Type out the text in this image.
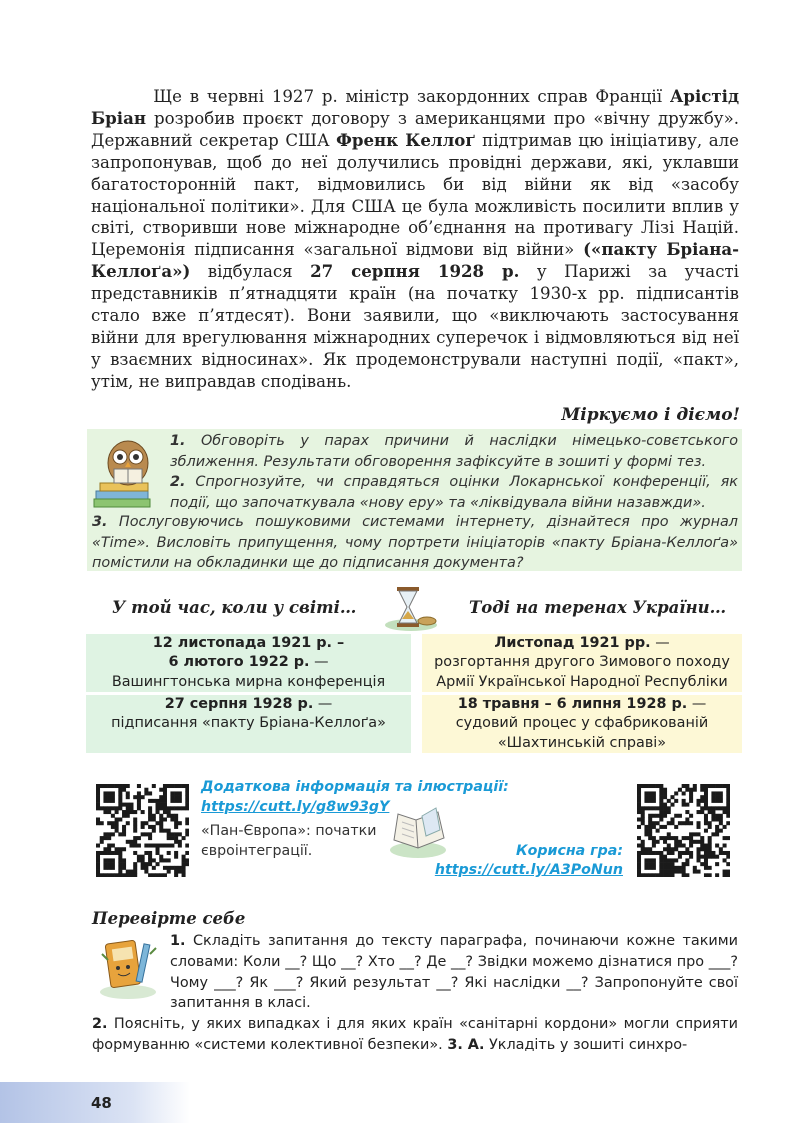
Ще в червні 1927 р. міністр закордонних справ Франції Арістід Бріан розробив проєкт договору з американцями про «вічну дружбу». Державний секретар США Френк Келлоґ підтримав цю ініціативу, але запропонував, щоб до неї долучились провідні держави, які, уклавши багатосторонній пакт, відмовились би від війни як від «засобу національної політики». Для США це була можливість посилити вплив у світі, створивши нове міжнародне об’єднання на противагу Лізі Націй. Церемонія підписання «загальної відмови від війни» («пакту Бріана-Келлоґа») відбулася 27 серпня 1928 р. у Парижі за участі представників п’ятнадцяти країн (на початку 1930-х рр. підписантів стало вже п’ятдесят). Вони заявили, що «виключають застосування війни для врегулювання міжнародних суперечок і відмовляються від неї у взаємних відносинах». Як продемонстрували наступні події, «пакт», утім, не виправдав сподівань.

Міркуємо і діємо!

1. Обговоріть у парах причини й наслідки німецько-совєтського зближення. Результати обговорення зафіксуйте в зошиті у формі тез.
2. Спрогнозуйте, чи справдяться оцінки Локарнської конференції, як події, що започаткувала «нову еру» та «ліквідувала війни назавжди».

3. Послуговуючись пошуковими системами інтернету, дізнайтеся про журнал «Time». Висловіть припущення, чому портрети ініціаторів «пакту Бріана-Келлоґа» помістили на обкладинки ще до підписання документа?

У той час, коли у світі…	Тоді на теренах України…
12 листопада 1921 р. –
6 лютого 1922 р. —
Вашингтонська мирна конференція
27 серпня 1928 р. —
підписання «пакту Бріана-Келлоґа»
Листопад 1921 рр. —
розгортання другого Зимового походу
Армії Української Народної Республіки
18 травня – 6 липня 1928 р. —
судовий процес у сфабрикованій
«Шахтинській справі»
Додаткова інформація та ілюстрації:
https://cutt.ly/g8w93gY
«Пан-Європа»: початки євроінтеграції.	Корисна гра:
https://cutt.ly/A3PoNun
Перевірте себе

1. Складіть запитання до тексту параграфа, починаючи кожне такими словами: Коли __? Що __? Хто __? Де __? Звідки можемо дізнатися про ___? Чому ___? Як ___? Який результат __? Які наслідки __? Запропонуйте свої запитання в класі.

2. Поясніть, у яких випадках і для яких країн «санітарні кордони» могли сприяти формуванню «системи колективної безпеки». 3. А. Укладіть у зошиті синхро-

48
